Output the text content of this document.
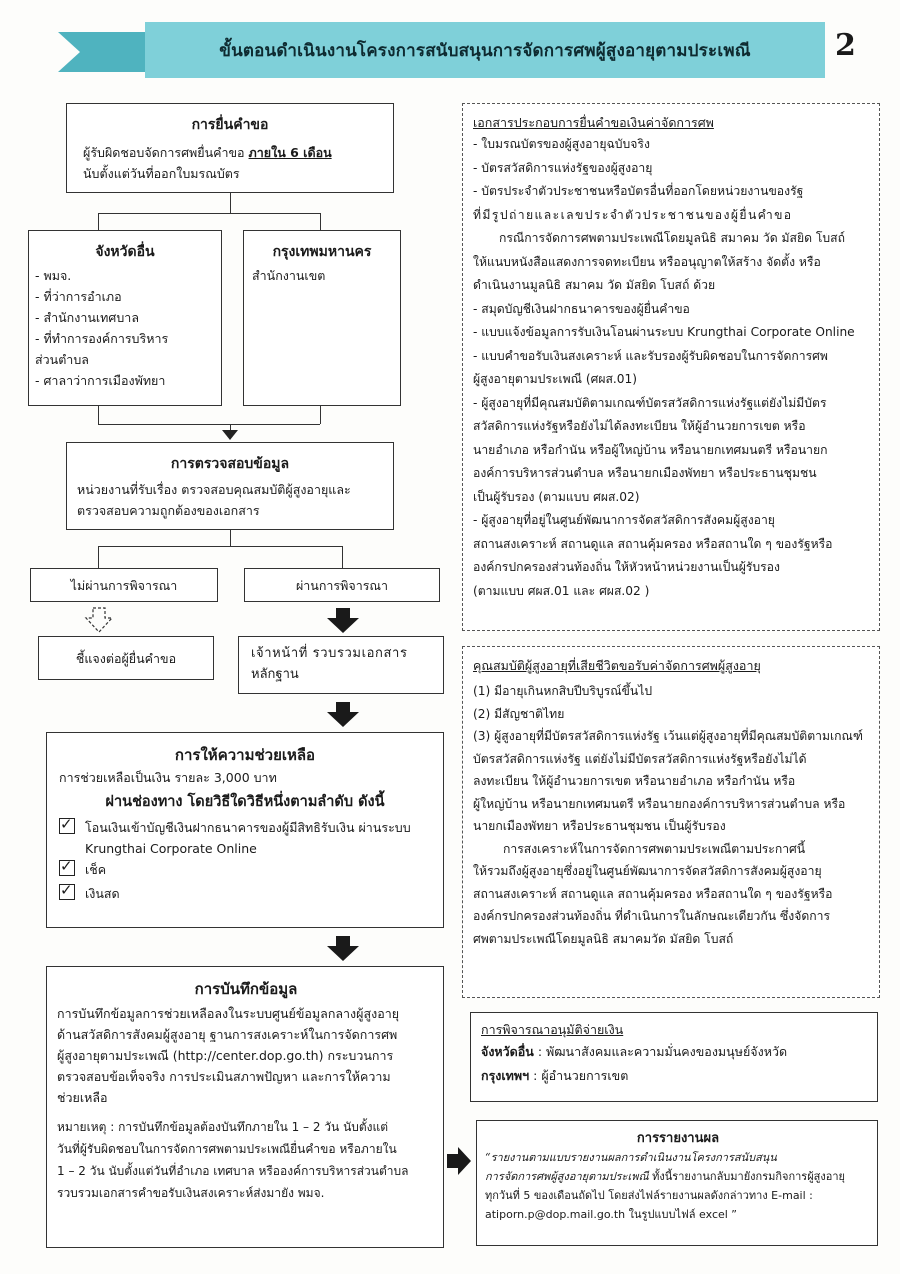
ขั้นตอนดำเนินงานโครงการสนับสนุนการจัดการศพผู้สูงอายุตามประเพณี	2
การยื่นคำขอ
ผู้รับผิดชอบจัดการศพยื่นคำขอ ภายใน 6 เดือน
นับตั้งแต่วันที่ออกใบมรณบัตร
จังหวัดอื่น
- พมจ.
- ที่ว่าการอำเภอ
- สำนักงานเทศบาล
- ที่ทำการองค์การบริหาร
ส่วนตำบล
- ศาลาว่าการเมืองพัทยา
กรุงเทพมหานคร
สำนักงานเขต
การตรวจสอบข้อมูล
หน่วยงานที่รับเรื่อง ตรวจสอบคุณสมบัติผู้สูงอายุและ
ตรวจสอบความถูกต้องของเอกสาร
ไม่ผ่านการพิจารณา	ผ่านการพิจารณา
ชี้แจงต่อผู้ยื่นคำขอ	เจ้าหน้าที่ รวบรวมเอกสาร
หลักฐาน
การให้ความช่วยเหลือ
การช่วยเหลือเป็นเงิน รายละ 3,000 บาท
ผ่านช่องทาง โดยวิธีใดวิธีหนึ่งตามลำดับ ดังนี้
✓โอนเงินเข้าบัญชีเงินฝากธนาคารของผู้มีสิทธิรับเงิน ผ่านระบบ
Krungthai Corporate Online
✓เช็ค
✓เงินสด
การบันทึกข้อมูล
การบันทึกข้อมูลการช่วยเหลือลงในระบบศูนย์ข้อมูลกลางผู้สูงอายุ
ด้านสวัสดิการสังคมผู้สูงอายุ ฐานการสงเคราะห์ในการจัดการศพ
ผู้สูงอายุตามประเพณี (http://center.dop.go.th) กระบวนการ
ตรวจสอบข้อเท็จจริง การประเมินสภาพปัญหา และการให้ความ
ช่วยเหลือ
หมายเหตุ : การบันทึกข้อมูลต้องบันทึกภายใน 1 – 2 วัน นับตั้งแต่
วันที่ผู้รับผิดชอบในการจัดการศพตามประเพณียื่นคำขอ หรือภายใน
1 – 2 วัน นับตั้งแต่วันที่อำเภอ เทศบาล หรือองค์การบริหารส่วนตำบล
รวบรวมเอกสารคำขอรับเงินสงเคราะห์ส่งมายัง พมจ.
เอกสารประกอบการยื่นคำขอเงินค่าจัดการศพ
- ใบมรณบัตรของผู้สูงอายุฉบับจริง
- บัตรสวัสดิการแห่งรัฐของผู้สูงอายุ
- บัตรประจำตัวประชาชนหรือบัตรอื่นที่ออกโดยหน่วยงานของรัฐ
ที่มีรูปถ่ายและเลขประจำตัวประชาชนของผู้ยื่นคำขอ
กรณีการจัดการศพตามประเพณีโดยมูลนิธิ สมาคม วัด มัสยิด โบสถ์
ให้แนบหนังสือแสดงการจดทะเบียน หรืออนุญาตให้สร้าง จัดตั้ง หรือ
ดำเนินงานมูลนิธิ สมาคม วัด มัสยิด โบสถ์ ด้วย
- สมุดบัญชีเงินฝากธนาคารของผู้ยื่นคำขอ
- แบบแจ้งข้อมูลการรับเงินโอนผ่านระบบ Krungthai Corporate Online
- แบบคำขอรับเงินสงเคราะห์ และรับรองผู้รับผิดชอบในการจัดการศพ
ผู้สูงอายุตามประเพณี (ศผส.01)
- ผู้สูงอายุที่มีคุณสมบัติตามเกณฑ์บัตรสวัสดิการแห่งรัฐแต่ยังไม่มีบัตร
สวัสดิการแห่งรัฐหรือยังไม่ได้ลงทะเบียน ให้ผู้อำนวยการเขต หรือ
นายอำเภอ หรือกำนัน หรือผู้ใหญ่บ้าน หรือนายกเทศมนตรี หรือนายก
องค์การบริหารส่วนตำบล หรือนายกเมืองพัทยา หรือประธานชุมชน
เป็นผู้รับรอง (ตามแบบ ศผส.02)
- ผู้สูงอายุที่อยู่ในศูนย์พัฒนาการจัดสวัสดิการสังคมผู้สูงอายุ
สถานสงเคราะห์ สถานดูแล สถานคุ้มครอง หรือสถานใด ๆ ของรัฐหรือ
องค์กรปกครองส่วนท้องถิ่น ให้หัวหน้าหน่วยงานเป็นผู้รับรอง
(ตามแบบ ศผส.01 และ ศผส.02 )
คุณสมบัติผู้สูงอายุที่เสียชีวิตขอรับค่าจัดการศพผู้สูงอายุ
(1) มีอายุเกินหกสิบปีบริบูรณ์ขึ้นไป
(2) มีสัญชาติไทย
(3) ผู้สูงอายุที่มีบัตรสวัสดิการแห่งรัฐ เว้นแต่ผู้สูงอายุที่มีคุณสมบัติตามเกณฑ์
บัตรสวัสดิการแห่งรัฐ แต่ยังไม่มีบัตรสวัสดิการแห่งรัฐหรือยังไม่ได้
ลงทะเบียน ให้ผู้อำนวยการเขต หรือนายอำเภอ หรือกำนัน หรือ
ผู้ใหญ่บ้าน หรือนายกเทศมนตรี หรือนายกองค์การบริหารส่วนตำบล หรือ
นายกเมืองพัทยา หรือประธานชุมชน เป็นผู้รับรอง
การสงเคราะห์ในการจัดการศพตามประเพณีตามประกาศนี้
ให้รวมถึงผู้สูงอายุซึ่งอยู่ในศูนย์พัฒนาการจัดสวัสดิการสังคมผู้สูงอายุ
สถานสงเคราะห์ สถานดูแล สถานคุ้มครอง หรือสถานใด ๆ ของรัฐหรือ
องค์กรปกครองส่วนท้องถิ่น ที่ดำเนินการในลักษณะเดียวกัน ซึ่งจัดการ
ศพตามประเพณีโดยมูลนิธิ สมาคมวัด มัสยิด โบสถ์
การพิจารณาอนุมัติจ่ายเงิน
จังหวัดอื่น : พัฒนาสังคมและความมั่นคงของมนุษย์จังหวัด
กรุงเทพฯ : ผู้อำนวยการเขต
การรายงานผล
“รายงานตามแบบรายงานผลการดำเนินงานโครงการสนับสนุน
การจัดการศพผู้สูงอายุตามประเพณี ทั้งนี้รายงานกลับมายังกรมกิจการผู้สูงอายุ
ทุกวันที่ 5 ของเดือนถัดไป โดยส่งไฟล์รายงานผลดังกล่าวทาง E-mail :
atiporn.p@dop.mail.go.th ในรูปแบบไฟล์ excel ”
